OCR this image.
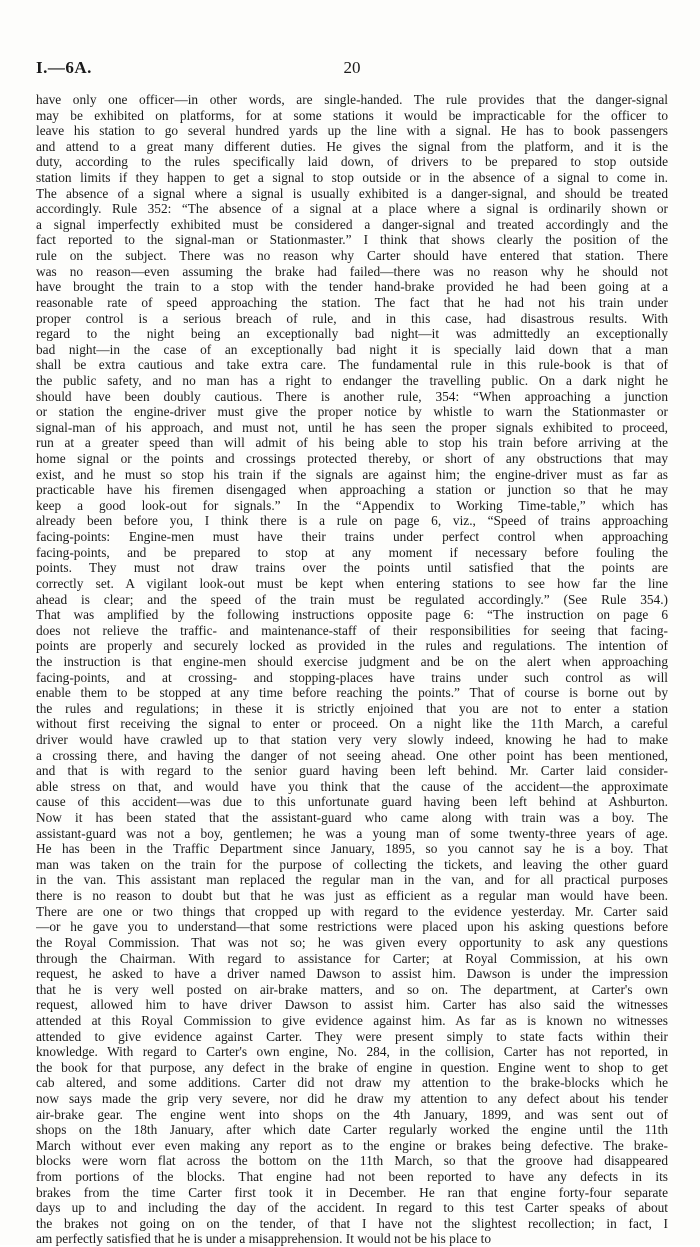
I.—6A.	20
have only one officer—in other words, are single-handed. The rule provides that the danger-signal
may be exhibited on platforms, for at some stations it would be impracticable for the officer to
leave his station to go several hundred yards up the line with a signal. He has to book passengers
and attend to a great many different duties. He gives the signal from the platform, and it is the
duty, according to the rules specifically laid down, of drivers to be prepared to stop outside
station limits if they happen to get a signal to stop outside or in the absence of a signal to come in.
The absence of a signal where a signal is usually exhibited is a danger-signal, and should be treated
accordingly. Rule 352: “The absence of a signal at a place where a signal is ordinarily shown or
a signal imperfectly exhibited must be considered a danger-signal and treated accordingly and the
fact reported to the signal-man or Stationmaster.” I think that shows clearly the position of the
rule on the subject. There was no reason why Carter should have entered that station. There
was no reason—even assuming the brake had failed—there was no reason why he should not
have brought the train to a stop with the tender hand-brake provided he had been going at a
reasonable rate of speed approaching the station. The fact that he had not his train under
proper control is a serious breach of rule, and in this case, had disastrous results. With
regard to the night being an exceptionally bad night—it was admittedly an exceptionally
bad night—in the case of an exceptionally bad night it is specially laid down that a man
shall be extra cautious and take extra care. The fundamental rule in this rule-book is that of
the public safety, and no man has a right to endanger the travelling public. On a dark night he
should have been doubly cautious. There is another rule, 354: “When approaching a junction
or station the engine-driver must give the proper notice by whistle to warn the Stationmaster or
signal-man of his approach, and must not, until he has seen the proper signals exhibited to proceed,
run at a greater speed than will admit of his being able to stop his train before arriving at the
home signal or the points and crossings protected thereby, or short of any obstructions that may
exist, and he must so stop his train if the signals are against him; the engine-driver must as far as
practicable have his firemen disengaged when approaching a station or junction so that he may
keep a good look-out for signals.” In the “Appendix to Working Time-table,” which has
already been before you, I think there is a rule on page 6, viz., “Speed of trains approaching
facing-points: Engine-men must have their trains under perfect control when approaching
facing-points, and be prepared to stop at any moment if necessary before fouling the
points. They must not draw trains over the points until satisfied that the points are
correctly set. A vigilant look-out must be kept when entering stations to see how far the line
ahead is clear; and the speed of the train must be regulated accordingly.” (See Rule 354.)
That was amplified by the following instructions opposite page 6: “The instruction on page 6
does not relieve the traffic- and maintenance-staff of their responsibilities for seeing that facing-
points are properly and securely locked as provided in the rules and regulations. The intention of
the instruction is that engine-men should exercise judgment and be on the alert when approaching
facing-points, and at crossing- and stopping-places have trains under such control as will
enable them to be stopped at any time before reaching the points.” That of course is borne out by
the rules and regulations; in these it is strictly enjoined that you are not to enter a station
without first receiving the signal to enter or proceed. On a night like the 11th March, a careful
driver would have crawled up to that station very very slowly indeed, knowing he had to make
a crossing there, and having the danger of not seeing ahead. One other point has been mentioned,
and that is with regard to the senior guard having been left behind. Mr. Carter laid consider-
able stress on that, and would have you think that the cause of the accident—the approximate
cause of this accident—was due to this unfortunate guard having been left behind at Ashburton.
Now it has been stated that the assistant-guard who came along with train was a boy. The
assistant-guard was not a boy, gentlemen; he was a young man of some twenty-three years of age.
He has been in the Traffic Department since January, 1895, so you cannot say he is a boy. That
man was taken on the train for the purpose of collecting the tickets, and leaving the other guard
in the van. This assistant man replaced the regular man in the van, and for all practical purposes
there is no reason to doubt but that he was just as efficient as a regular man would have been.
There are one or two things that cropped up with regard to the evidence yesterday. Mr. Carter said
—or he gave you to understand—that some restrictions were placed upon his asking questions before
the Royal Commission. That was not so; he was given every opportunity to ask any questions
through the Chairman. With regard to assistance for Carter; at Royal Commission, at his own
request, he asked to have a driver named Dawson to assist him. Dawson is under the impression
that he is very well posted on air-brake matters, and so on. The department, at Carter's own
request, allowed him to have driver Dawson to assist him. Carter has also said the witnesses
attended at this Royal Commission to give evidence against him. As far as is known no witnesses
attended to give evidence against Carter. They were present simply to state facts within their
knowledge. With regard to Carter's own engine, No. 284, in the collision, Carter has not reported, in
the book for that purpose, any defect in the brake of engine in question. Engine went to shop to get
cab altered, and some additions. Carter did not draw my attention to the brake-blocks which he
now says made the grip very severe, nor did he draw my attention to any defect about his tender
air-brake gear. The engine went into shops on the 4th January, 1899, and was sent out of
shops on the 18th January, after which date Carter regularly worked the engine until the 11th
March without ever even making any report as to the engine or brakes being defective. The brake-
blocks were worn flat across the bottom on the 11th March, so that the groove had disappeared
from portions of the blocks. That engine had not been reported to have any defects in its
brakes from the time Carter first took it in December. He ran that engine forty-four separate
days up to and including the day of the accident. In regard to this test Carter speaks of about
the brakes not going on on the tender, of that I have not the slightest recollection; in fact, I
am perfectly satisfied that he is under a misapprehension. It would not be his place to
